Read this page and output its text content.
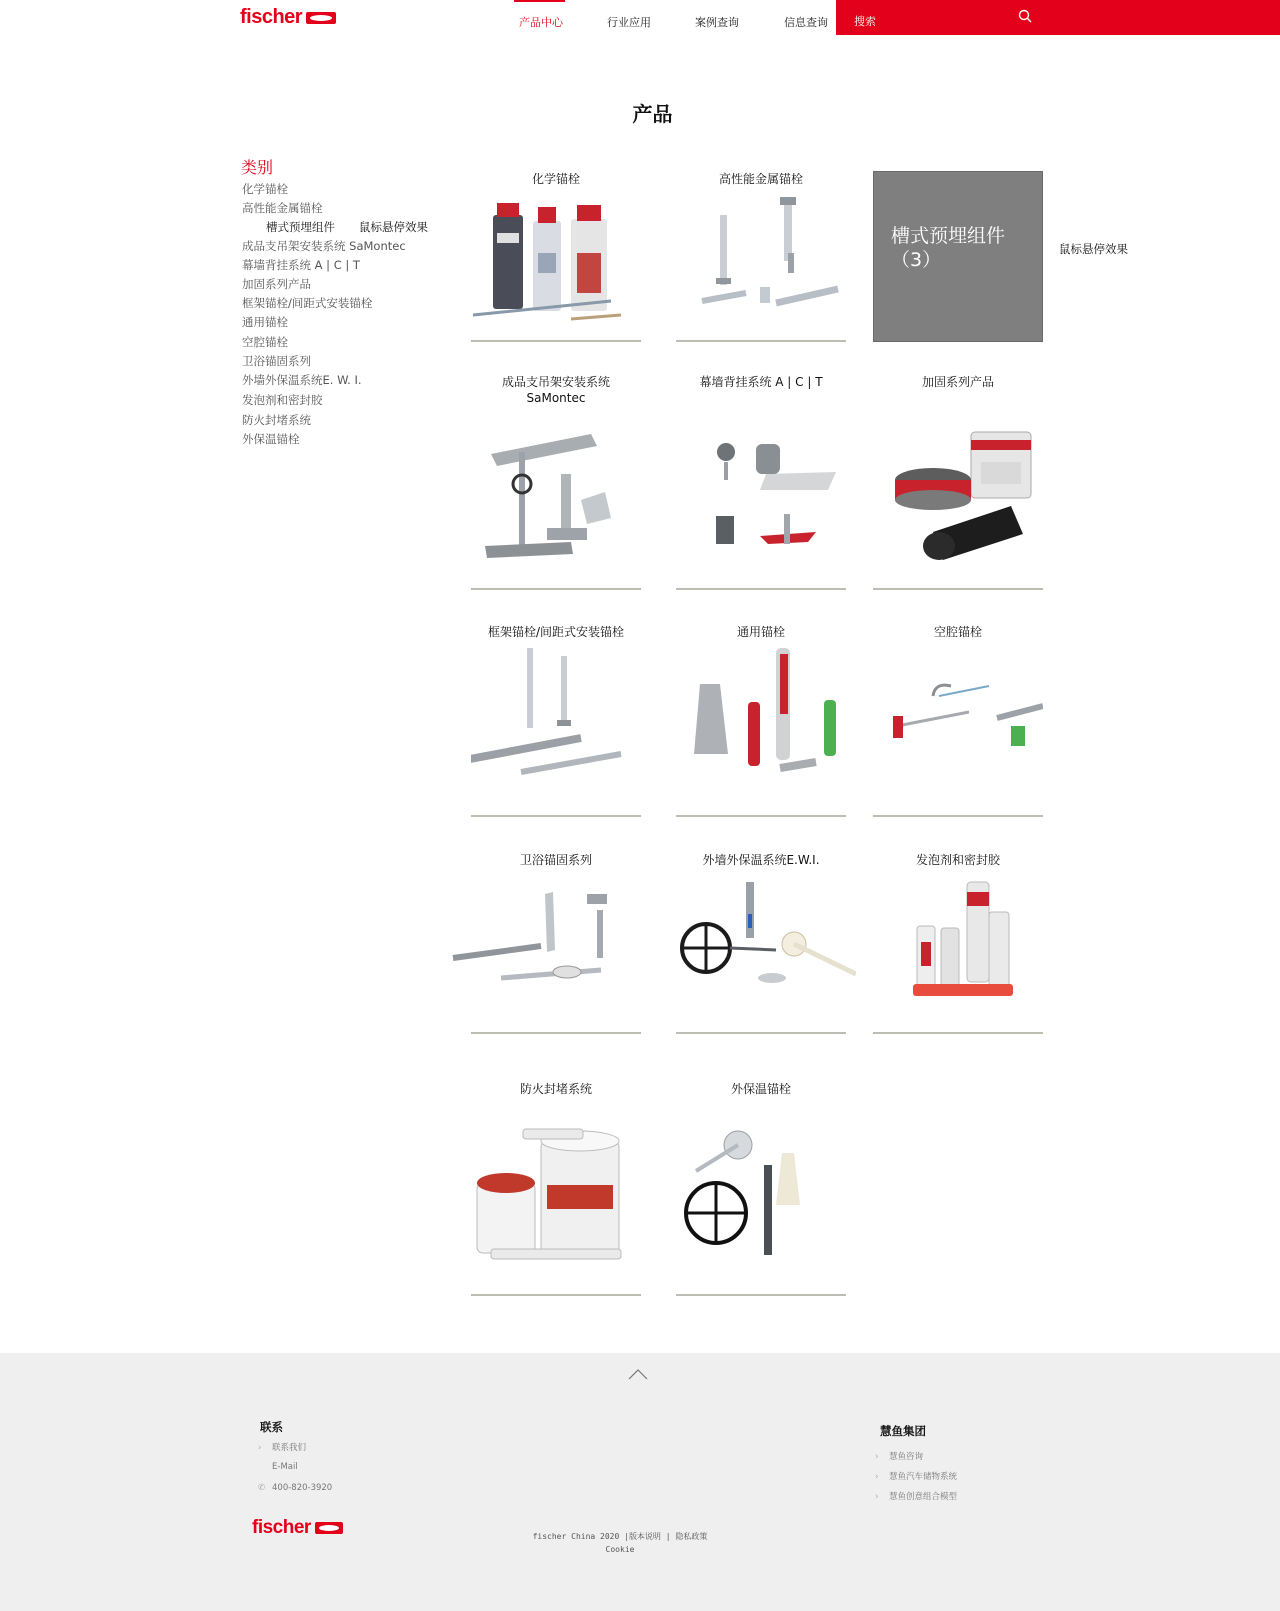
fischer	产品中心	行业应用	案例查询	信息查询 搜索
产品
类别
化学锚栓
高性能金属锚栓
槽式预埋组件 鼠标悬停效果
成品支吊架安装系统 SaMontec
幕墙背挂系统 A | C | T
加固系列产品
框架锚栓/间距式安装锚栓
通用锚栓
空腔锚栓
卫浴锚固系列
外墙外保温系统E. W. I.
发泡剂和密封胶
防火封堵系统
外保温锚栓
化学锚栓	高性能金属锚栓
槽式预埋组件
（3）	鼠标悬停效果
成品支吊架安装系统
SaMontec
幕墙背挂系统 A | C | T	加固系列产品
框架锚栓/间距式安装锚栓	通用锚栓	空腔锚栓
卫浴锚固系列	外墙外保温系统E.W.I.	发泡剂和密封胶
防火封堵系统	外保温锚栓
联系
› 联系我们
E-Mail
✆ 400-820-3920
慧鱼集团
› 慧鱼咨询
› 慧鱼汽车储物系统
› 慧鱼创意组合模型
fischer	fischer China 2020 |版本说明 | 隐私政策
Cookie
